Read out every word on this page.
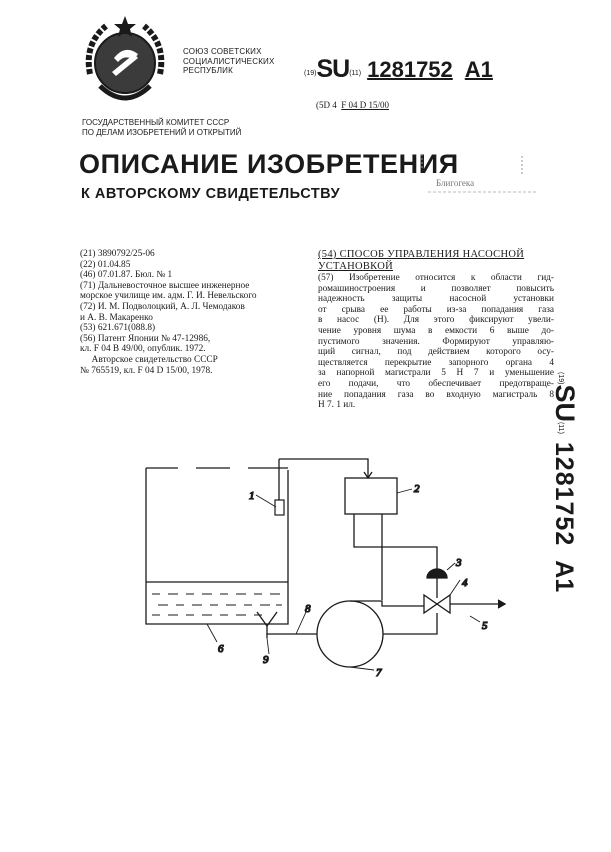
СОЮЗ СОВЕТСКИХ
СОЦИАЛИСТИЧЕСКИХ
РЕСПУБЛИК	(19)SU(11) 1281752 A1
(5D 4 F 04 D 15/00
ГОСУДАРСТВЕННЫЙ КОМИТЕТ СССР
ПО ДЕЛАМ ИЗОБРЕТЕНИЙ И ОТКРЫТИЙ
ОПИСАНИЕ ИЗОБРЕТЕНИЯ
К АВТОРСКОМУ СВИДЕТЕЛЬСТВУ
Блигогека
(21) 3890792/25-06
(22) 01.04.85
(46) 07.01.87. Бюл. № 1
(71) Дальневосточное высшее инженерное
морское училище им. адм. Г. И. Невельского
(72) И. М. Подволоцкий, А. Л. Чемодаков
и А. В. Макаренко
(53) 621.671(088.8)
(56) Патент Японии № 47-12986,
кл. F 04 B 49/00, опублик. 1972.
Авторское свидетельство СССР
№ 765519, кл. F 04 D 15/00, 1978.
(54) СПОСОБ УПРАВЛЕНИЯ НАСОСНОЙ
УСТАНОВКОЙ
(57) Изобретение относится к области гид-
ромашиностроения и позволяет повысить
надежность защиты насосной установки
от срыва ее работы из-за попадания газа
в насос (Н). Для этого фиксируют увели-
чение уровня шума в емкости 6 выше до-
пустимого значения. Формируют управляю-
щий сигнал, под действием которого осу-
ществляется перекрытие запорного органа 4
за напорной магистрали 5 Н 7 и уменьшение
его подачи, что обеспечивает предотвраще-
ние попадания газа во входную магистраль 8
Н 7. 1 ил.
(19)SU(11)1281752A1
1
2
3
4
5
6
7
8
9
